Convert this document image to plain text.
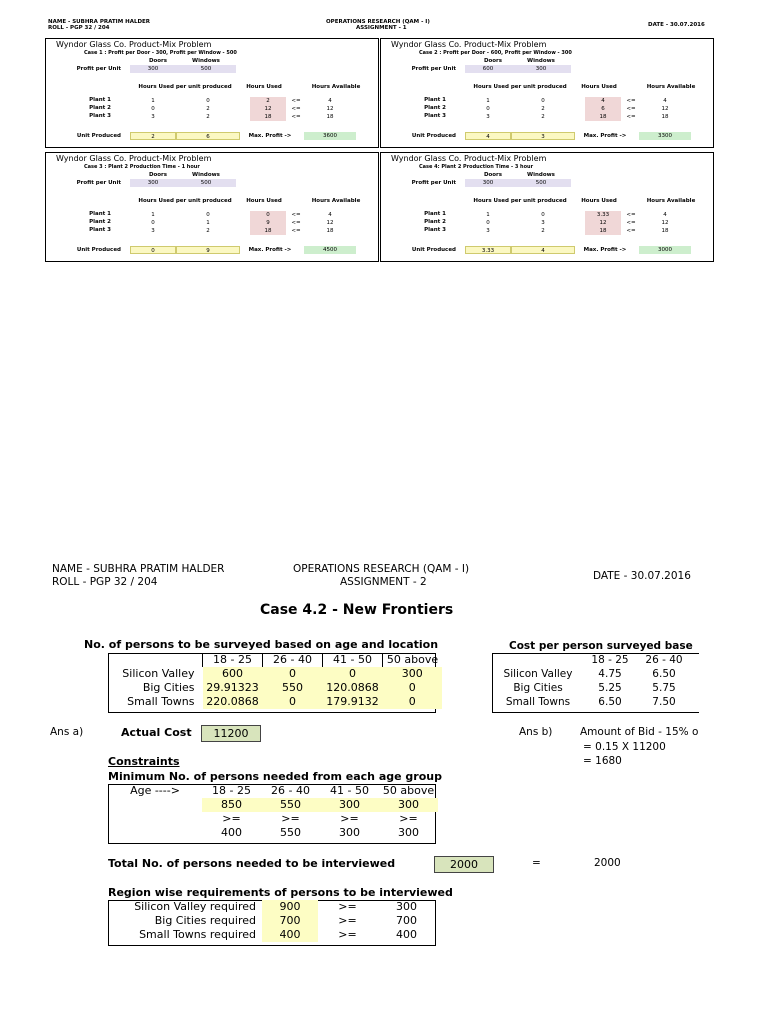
NAME - SUBHRA PRATIM HALDER
ROLL - PGP 32 / 204
OPERATIONS RESEARCH (QAM - I)
ASSIGNMENT - 1	DATE - 30.07.2016
Wyndor Glass Co. Product-Mix Problem
Case 1 : Profit per Door - 300, Profit per Window - 500
Doors	Windows
Profit per Unit	300	500
Hours Used per unit produced	Hours Used	Hours Available
Plant 1	1	0	2	<=	4
Plant 2	0	2	12	<=	12
Plant 3	3	2	18	<=	18
Unit Produced	2	6	Max. Profit ->	3600
Wyndor Glass Co. Product-Mix Problem
Case 2 : Profit per Door - 600, Profit per Window - 300
Doors	Windows
Profit per Unit	600	300
Hours Used per unit produced	Hours Used	Hours Available
Plant 1	1	0	4	<=	4
Plant 2	0	2	6	<=	12
Plant 3	3	2	18	<=	18
Unit Produced	4	3	Max. Profit ->	3300
Wyndor Glass Co. Product-Mix Problem
Case 3 : Plant 2 Production Time - 1 hour
Doors	Windows
Profit per Unit	300	500
Hours Used per unit produced	Hours Used	Hours Available
Plant 1	1	0	0	<=	4
Plant 2	0	1	9	<=	12
Plant 3	3	2	18	<=	18
Unit Produced	0	9	Max. Profit ->	4500
Wyndor Glass Co. Product-Mix Problem
Case 4: Plant 2 Production Time - 3 hour
Doors	Windows
Profit per Unit	300	500
Hours Used per unit produced	Hours Used	Hours Available
Plant 1	1	0	3.33	<=	4
Plant 2	0	3	12	<=	12
Plant 3	3	2	18	<=	18
Unit Produced	3.33	4	Max. Profit ->	3000
NAME - SUBHRA PRATIM HALDER
ROLL - PGP 32 / 204
OPERATIONS RESEARCH (QAM - I)
ASSIGNMENT - 2	DATE - 30.07.2016
Case 4.2 - New Frontiers
No. of persons to be surveyed based on age and location
	18 - 25	26 - 40	41 - 50	50 above
Silicon Valley	600	0	0	300
Big Cities	29.91323	550	120.0868	0
Small Towns	220.0868	0	179.9132	0
Cost per person surveyed base
	18 - 25	26 - 40
Silicon Valley	4.75	6.50
Big Cities	5.25	5.75
Small Towns	6.50	7.50
Ans a)	Actual Cost	11200	Ans b)	Amount of Bid - 15% o
= 0.15 X 11200
= 1680
Constraints
Minimum No. of persons needed from each age group
Age ---->	18 - 25	26 - 40	41 - 50	50 above
	850	550	300	300
	>=	>=	>=	>=
	400	550	300	300
Total No. of persons needed to be interviewed	2000	=	2000
Region wise requirements of persons to be interviewed
Silicon Valley required	900	>=	300
Big Cities required	700	>=	700
Small Towns required	400	>=	400
